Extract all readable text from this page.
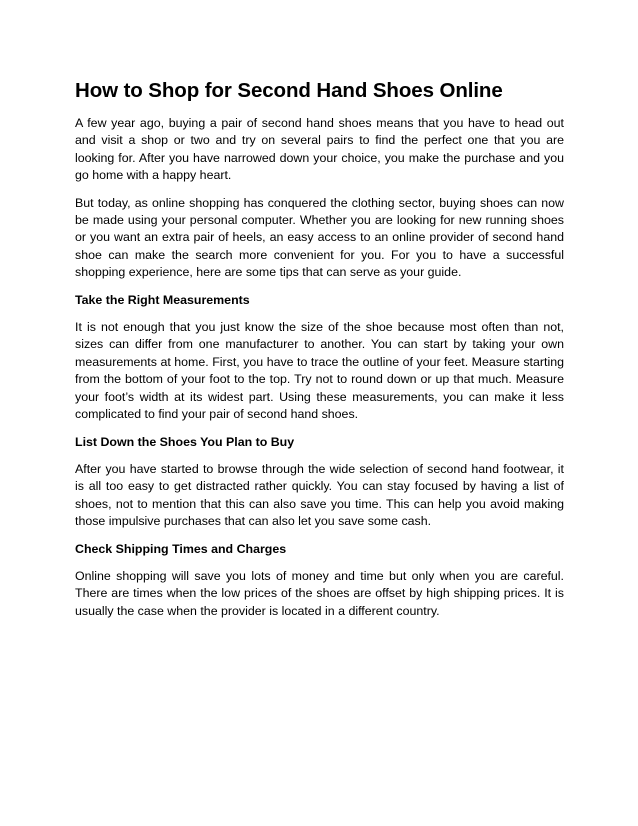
How to Shop for Second Hand Shoes Online

A few year ago, buying a pair of second hand shoes means that you have to head out and visit a shop or two and try on several pairs to find the perfect one that you are looking for. After you have narrowed down your choice, you make the purchase and you go home with a happy heart.

But today, as online shopping has conquered the clothing sector, buying shoes can now be made using your personal computer. Whether you are looking for new running shoes or you want an extra pair of heels, an easy access to an online provider of second hand shoe can make the search more convenient for you. For you to have a successful shopping experience, here are some tips that can serve as your guide.

Take the Right Measurements

It is not enough that you just know the size of the shoe because most often than not, sizes can differ from one manufacturer to another. You can start by taking your own measurements at home. First, you have to trace the outline of your feet. Measure starting from the bottom of your foot to the top. Try not to round down or up that much. Measure your foot’s width at its widest part. Using these measurements, you can make it less complicated to find your pair of second hand shoes.

List Down the Shoes You Plan to Buy

After you have started to browse through the wide selection of second hand footwear, it is all too easy to get distracted rather quickly. You can stay focused by having a list of shoes, not to mention that this can also save you time. This can help you avoid making those impulsive purchases that can also let you save some cash.

Check Shipping Times and Charges

Online shopping will save you lots of money and time but only when you are careful. There are times when the low prices of the shoes are offset by high shipping prices. It is usually the case when the provider is located in a different country.
